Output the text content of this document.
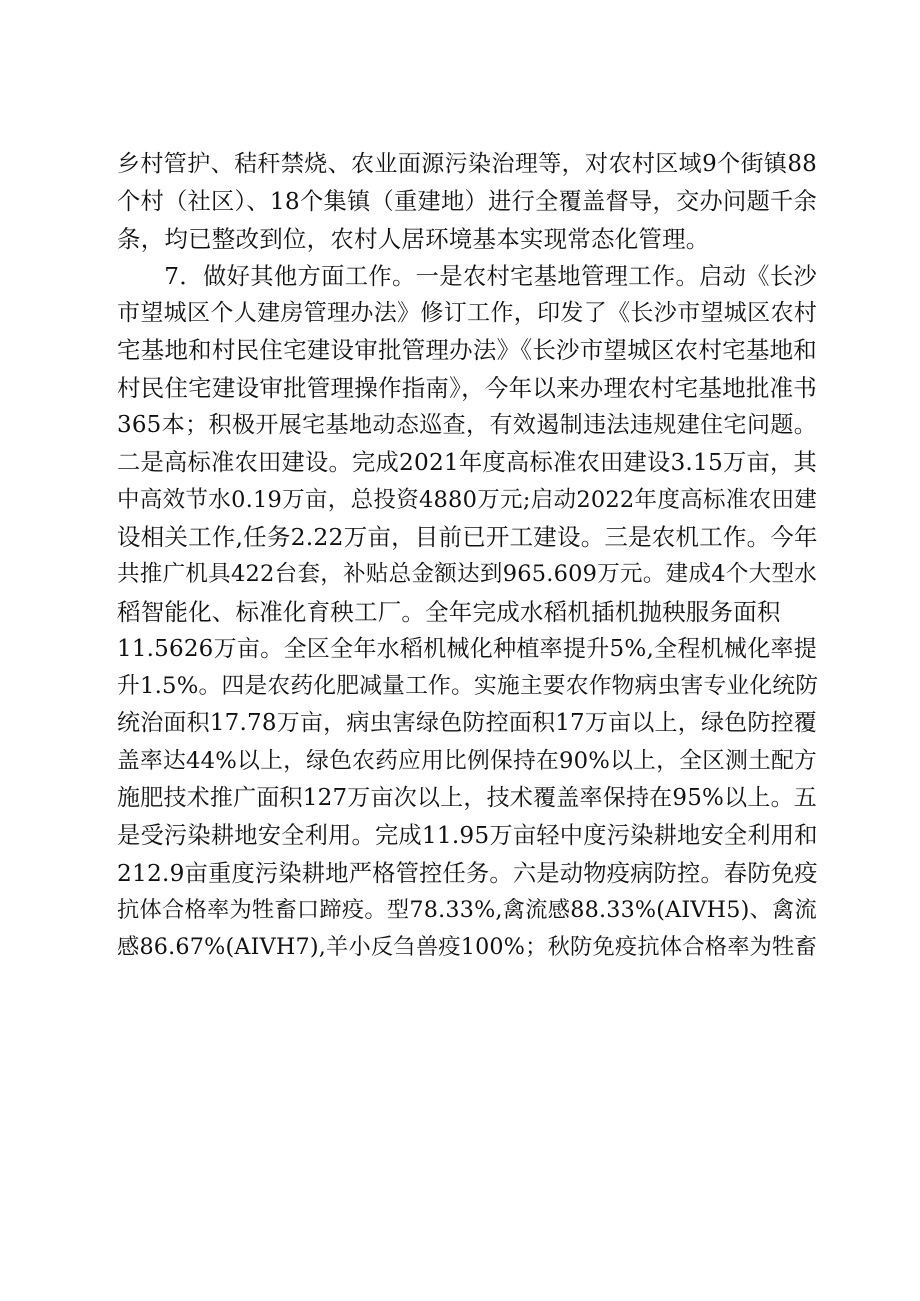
乡村管护、秸秆禁烧、农业面源污染治理等，对农村区域9个街镇88
个村（社区）、18个集镇（重建地）进行全覆盖督导，交办问题千余
条，均已整改到位，农村人居环境基本实现常态化管理。
　　7．做好其他方面工作。一是农村宅基地管理工作。启动《长沙
市望城区个人建房管理办法》修订工作，印发了《长沙市望城区农村
宅基地和村民住宅建设审批管理办法》《长沙市望城区农村宅基地和
村民住宅建设审批管理操作指南》，今年以来办理农村宅基地批准书
365本；积极开展宅基地动态巡查，有效遏制违法违规建住宅问题。
二是高标准农田建设。完成2021年度高标准农田建设3.15万亩，其
中高效节水0.19万亩，总投资4880万元;启动2022年度高标准农田建
设相关工作,任务2.22万亩，目前已开工建设。三是农机工作。今年
共推广机具422台套，补贴总金额达到965.609万元。建成4个大型水
稻智能化、标准化育秧工厂。全年完成水稻机插机抛秧服务面积
11.5626万亩。全区全年水稻机械化种植率提升5%,全程机械化率提
升1.5%。四是农药化肥减量工作。实施主要农作物病虫害专业化统防
统治面积17.78万亩，病虫害绿色防控面积17万亩以上，绿色防控覆
盖率达44%以上，绿色农药应用比例保持在90%以上，全区测土配方
施肥技术推广面积127万亩次以上，技术覆盖率保持在95%以上。五
是受污染耕地安全利用。完成11.95万亩轻中度污染耕地安全利用和
212.9亩重度污染耕地严格管控任务。六是动物疫病防控。春防免疫
抗体合格率为牲畜口蹄疫。型78.33%,禽流感88.33%(AIVH5)、禽流
感86.67%(AIVH7),羊小反刍兽疫100%；秋防免疫抗体合格率为牲畜
